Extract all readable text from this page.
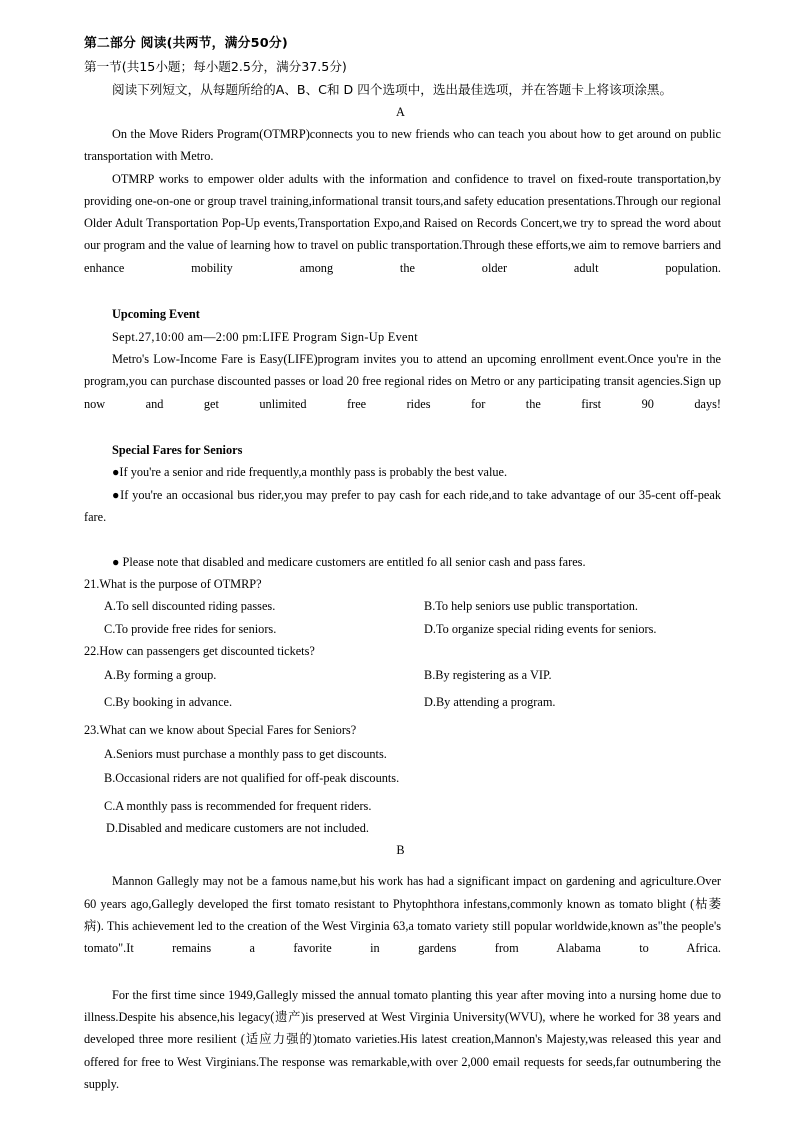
第二部分 阅读(共两节，满分50分)
第一节(共15小题；每小题2.5分，满分37.5分)
阅读下列短文，从每题所给的A、B、C和 D 四个选项中，选出最佳选项，并在答题卡上将该项涂黑。
A

On the Move Riders Program(OTMRP)connects you to new friends who can teach you about how to get around on public transportation with Metro.

OTMRP works to empower older adults with the information and confidence to travel on fixed-route transportation,by providing one-on-one or group travel training,informational transit tours,and safety education presentations.Through our regional Older Adult Transportation Pop-Up events,Transportation Expo,and Raised on Records Concert,we try to spread the word about our program and the value of learning how to travel on public transportation.Through these efforts,we aim to remove barriers and enhance mobility among the older adult population.

Upcoming Event
Sept.27,10:00 am—2:00 pm:LIFE Program Sign-Up Event

Metro's Low-Income Fare is Easy(LIFE)program invites you to attend an upcoming enrollment event.Once you're in the program,you can purchase discounted passes or load 20 free regional rides on Metro or any participating transit agencies.Sign up now and get unlimited free rides for the first 90 days!

Special Fares for Seniors

●If you're a senior and ride frequently,a monthly pass is probably the best value.

●If you're an occasional bus rider,you may prefer to pay cash for each ride,and to take advantage of our 35-cent off-peak fare.

● Please note that disabled and medicare customers are entitled fo all senior cash and pass fares.

21.What is the purpose of OTMRP?
A.To sell discounted riding passes.	B.To help seniors use public transportation.
C.To provide free rides for seniors.	D.To organize special riding events for seniors.
22.How can passengers get discounted tickets?
A.By forming a group.	B.By registering as a VIP.
C.By booking in advance.	D.By attending a program.
23.What can we know about Special Fares for Seniors?
A.Seniors must purchase a monthly pass to get discounts.
B.Occasional riders are not qualified for off-peak discounts.
C.A monthly pass is recommended for frequent riders.
D.Disabled and medicare customers are not included.
B

Mannon Gallegly may not be a famous name,but his work has had a significant impact on gardening and agriculture.Over 60 years ago,Gallegly developed the first tomato resistant to Phytophthora infestans,commonly known as tomato blight (枯萎病). This achievement led to the creation of the West Virginia 63,a tomato variety still popular worldwide,known as"the people's tomato".It remains a favorite in gardens from Alabama to Africa.

For the first time since 1949,Gallegly missed the annual tomato planting this year after moving into a nursing home due to illness.Despite his absence,his legacy(遗产)is preserved at West Virginia University(WVU), where he worked for 38 years and developed three more resilient (适应力强的)tomato varieties.His latest creation,Mannon's Majesty,was released this year and offered for free to West Virginians.The response was remarkable,with over 2,000 email requests for seeds,far outnumbering the supply.
